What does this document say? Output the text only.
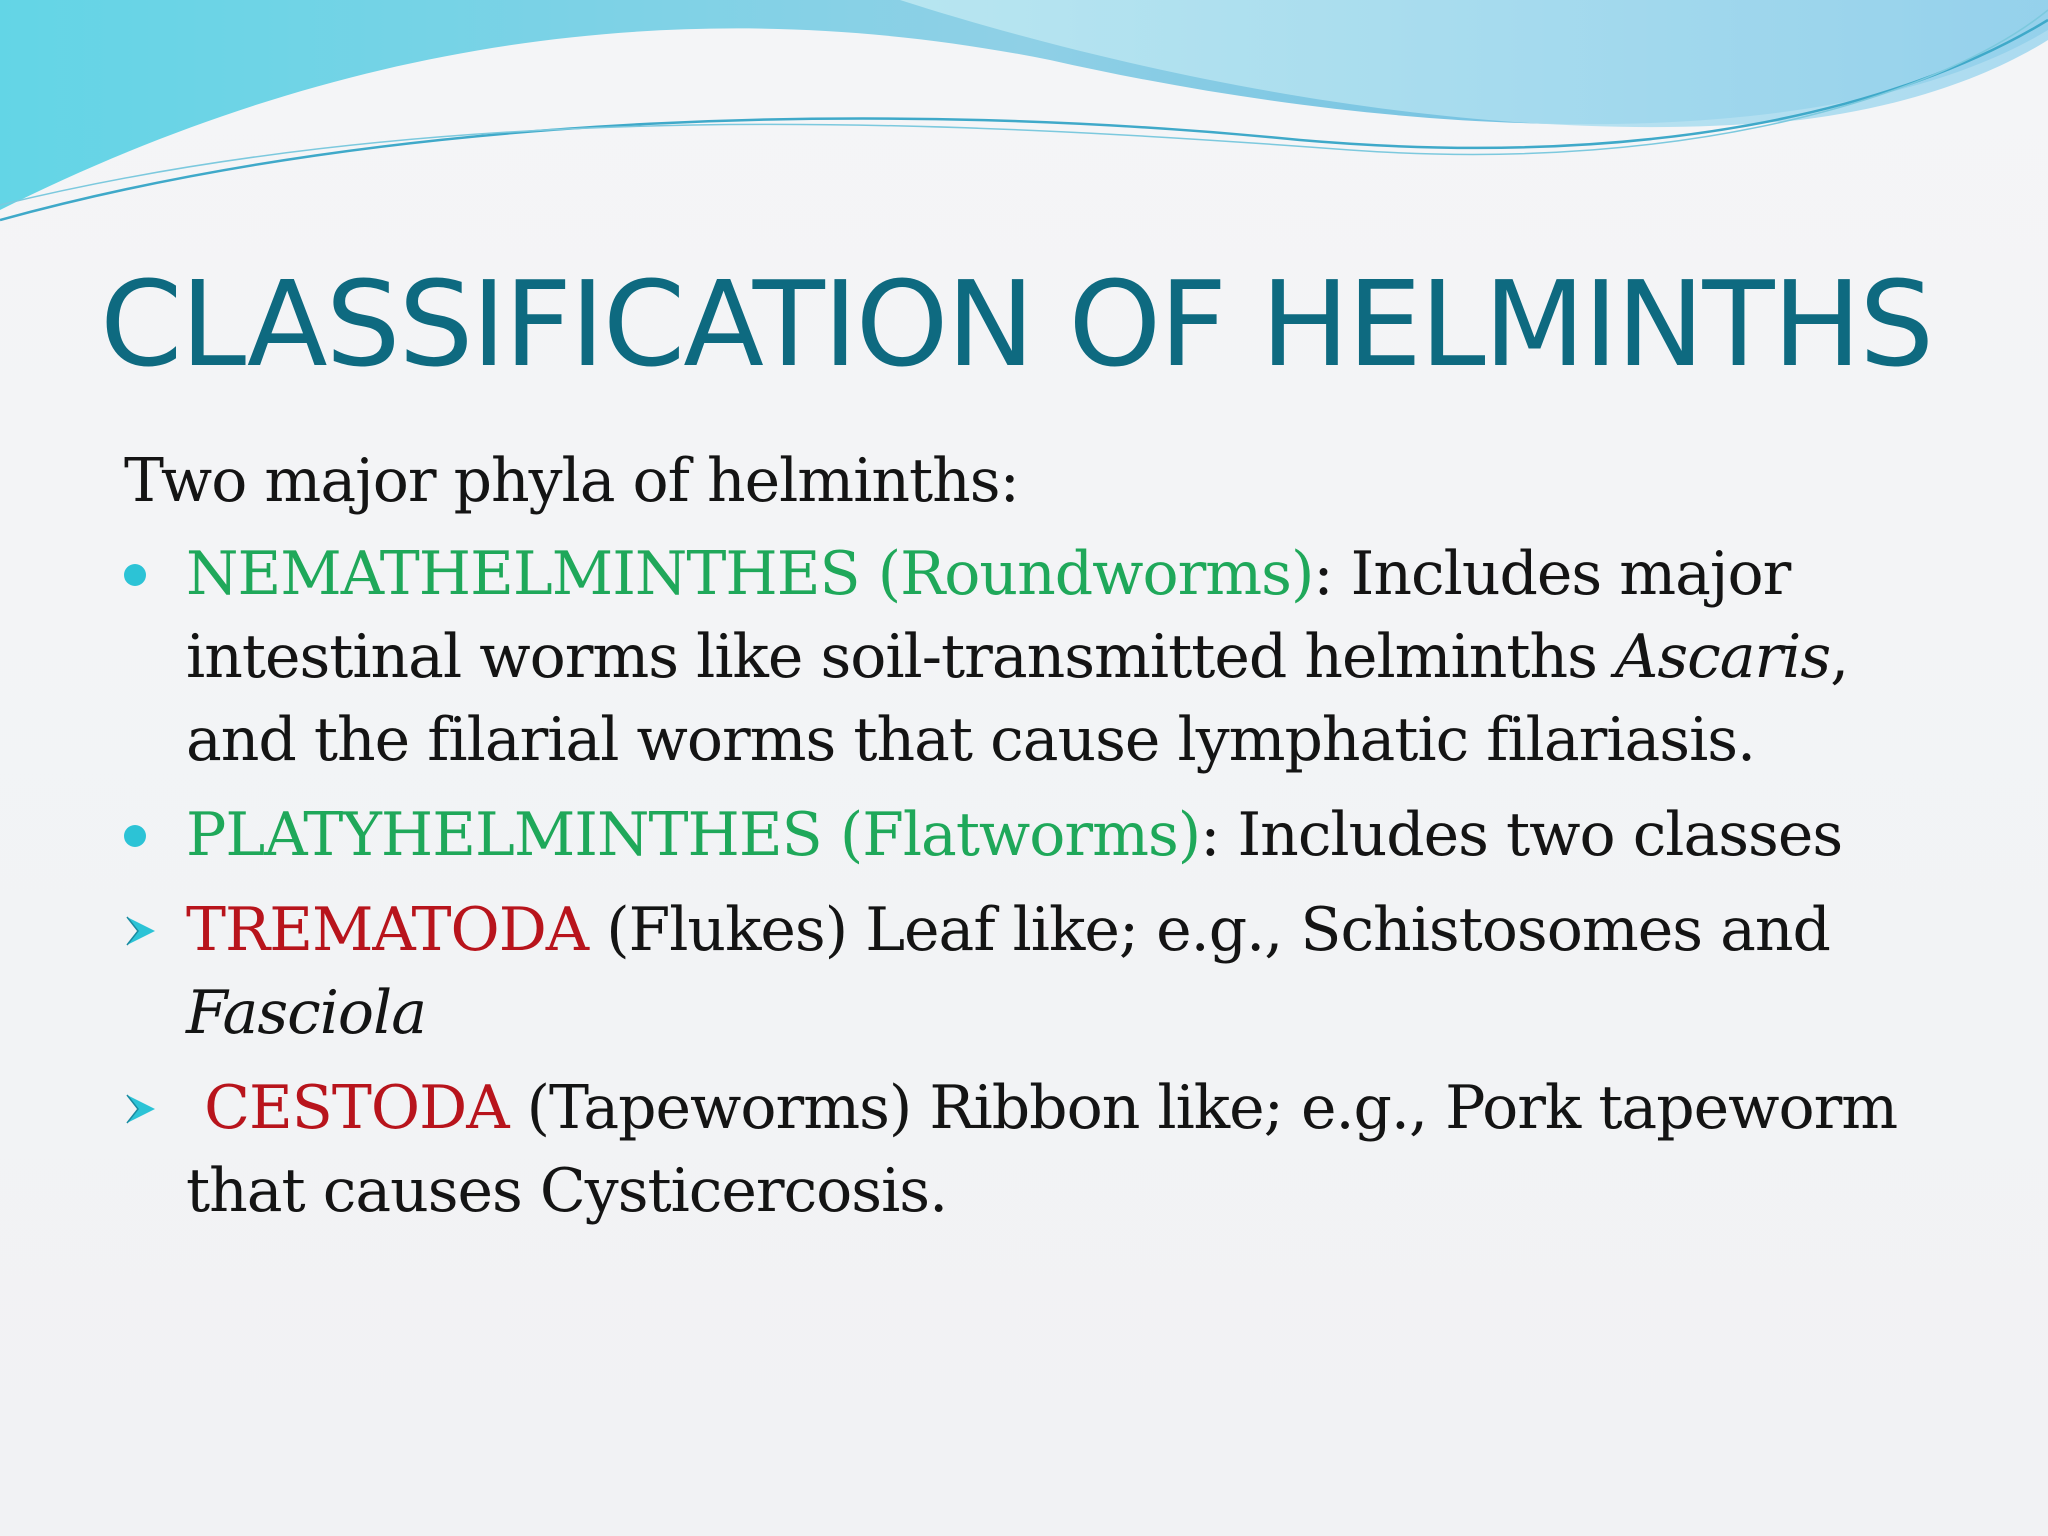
CLASSIFICATION OF HELMINTHS

Two major phyla of helminths:

NEMATHELMINTHES (Roundworms): Includes major intestinal worms like soil-transmitted helminths Ascaris, and the filarial worms that cause lymphatic filariasis.
PLATYHELMINTHES (Flatworms): Includes two classes
TREMATODA (Flukes) Leaf like; e.g., Schistosomes and Fasciola
CESTODA (Tapeworms) Ribbon like; e.g., Pork tapeworm that causes Cysticercosis.
